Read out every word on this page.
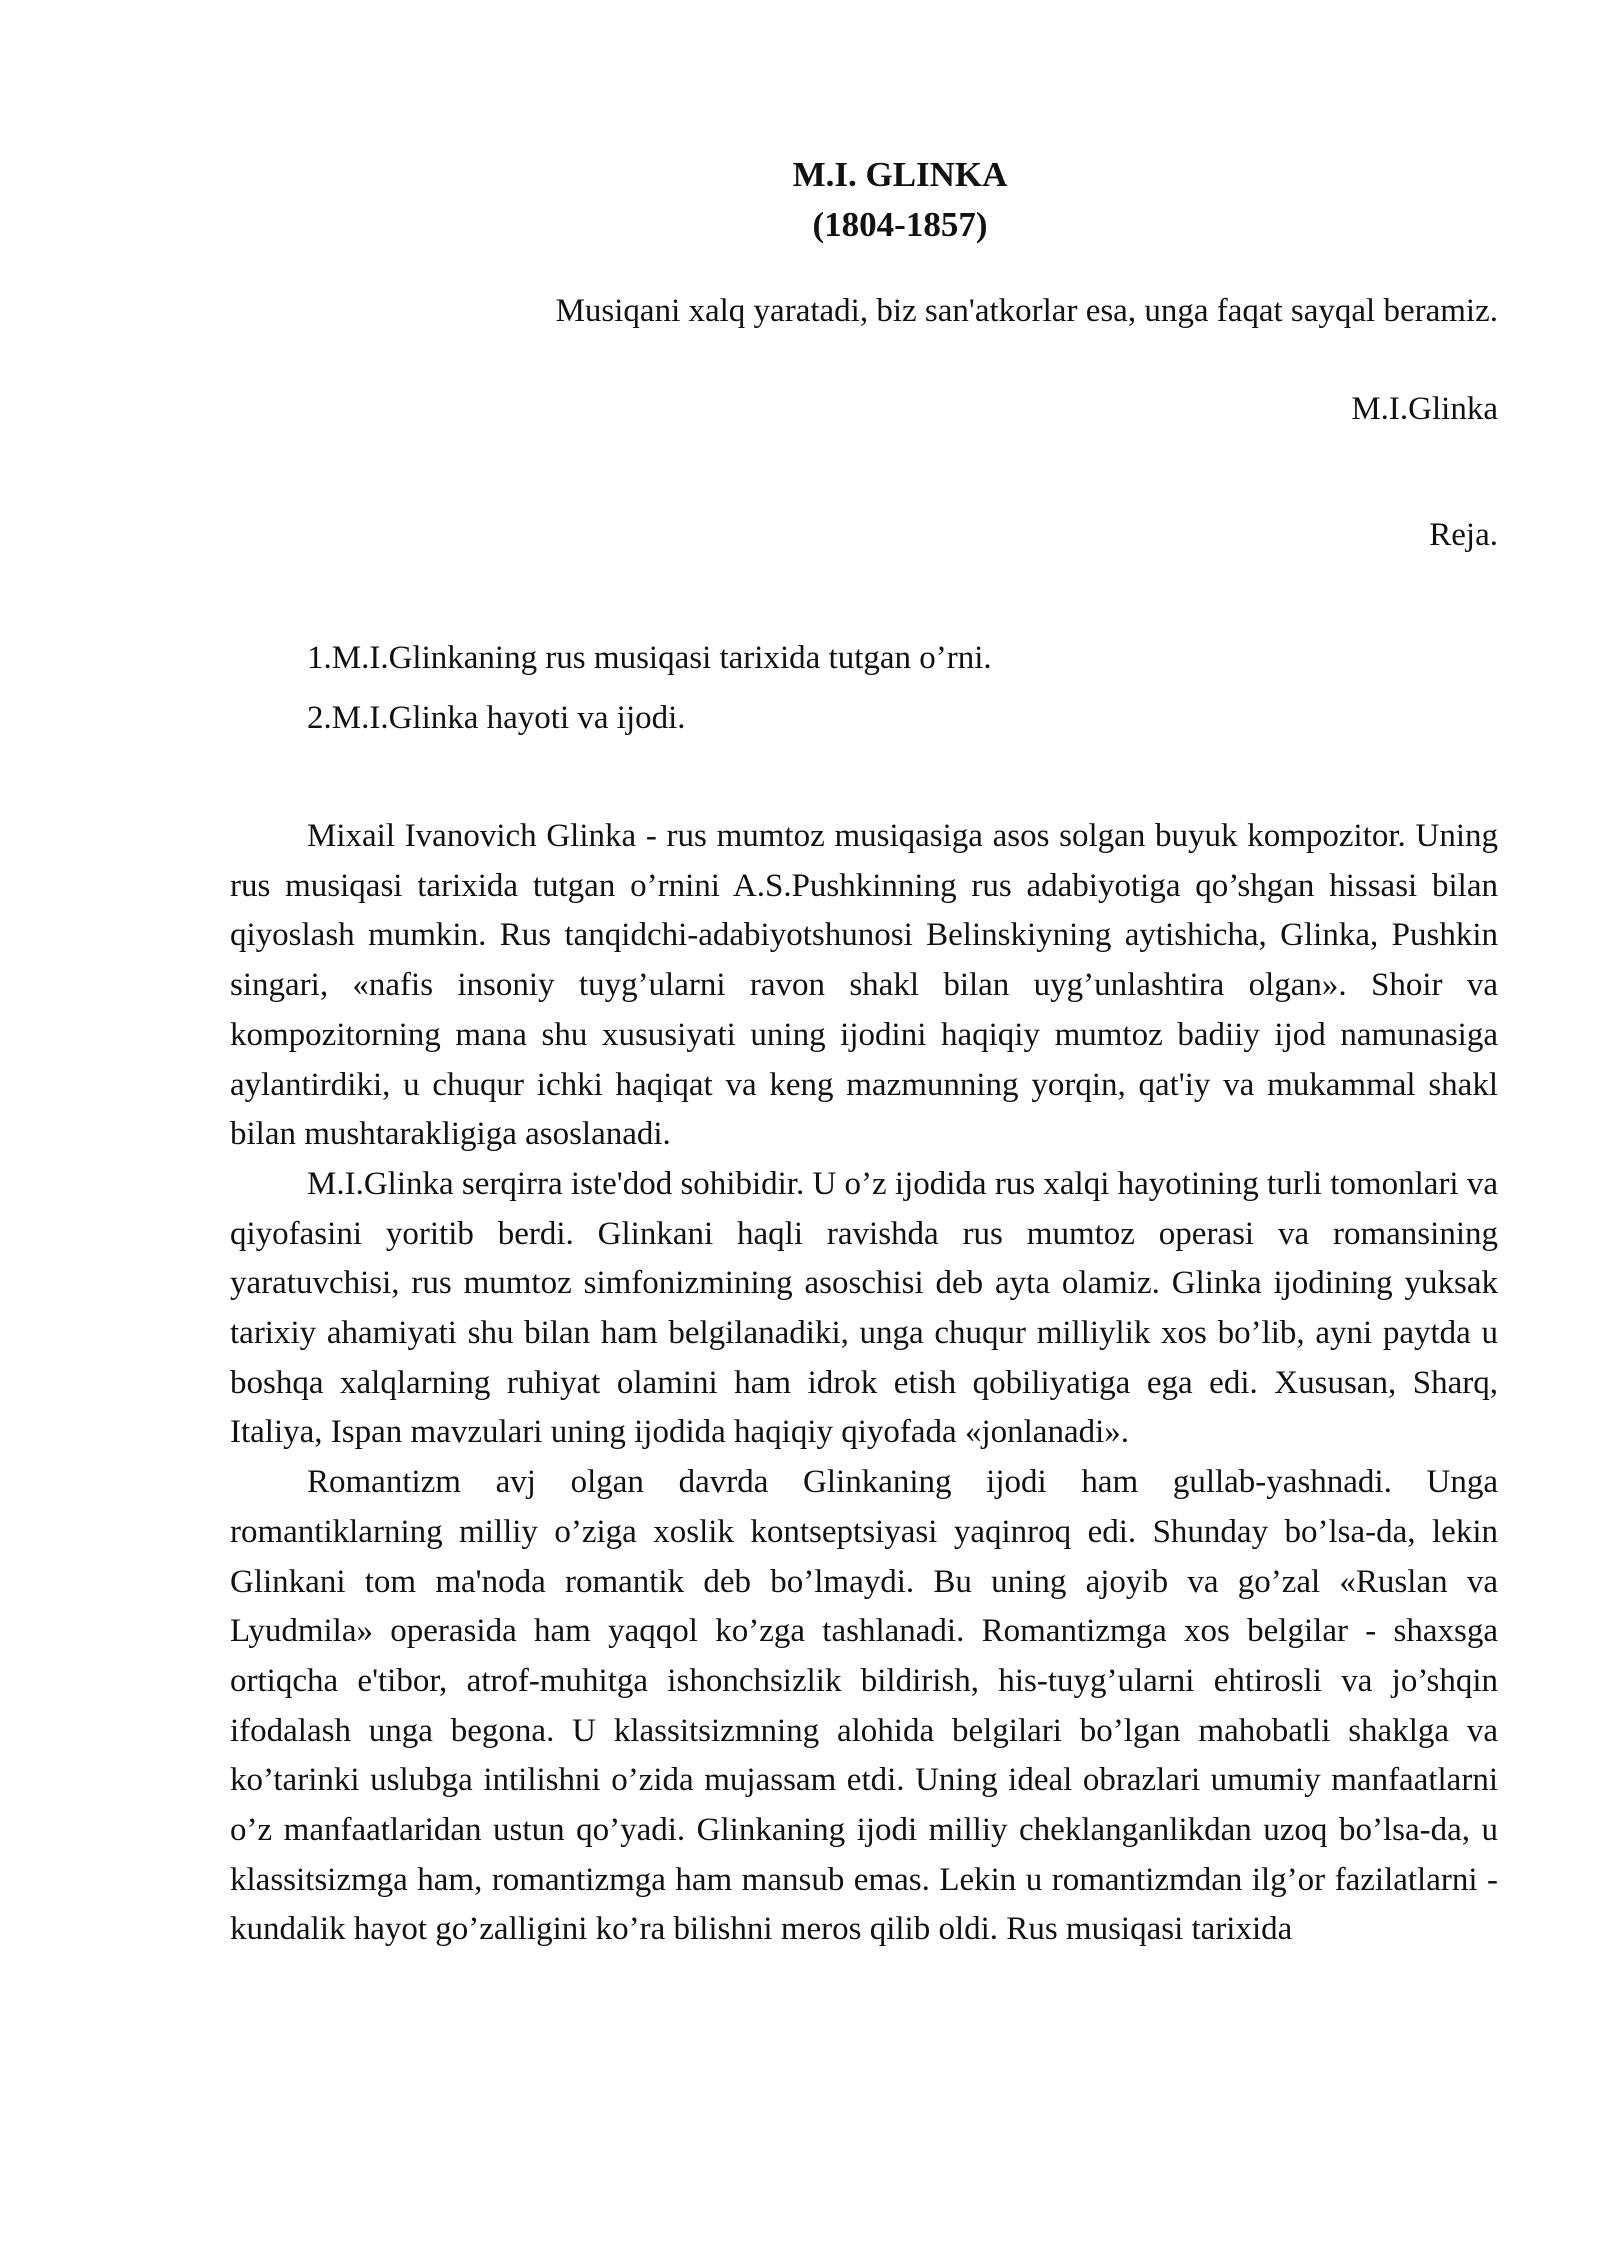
M.I. GLINKA
(1804-1857)

Musiqani xalq yaratadi, biz san'atkorlar esa, unga faqat sayqal beramiz.

M.I.Glinka

Reja.

1.M.I.Glinkaning rus musiqasi tarixida tutgan o’rni.
2.M.I.Glinka hayoti va ijodi.

Mixail Ivanovich Glinka - rus mumtoz musiqasiga asos solgan buyuk kompozitor. Uning rus musiqasi tarixida tutgan o’rnini A.S.Pushkinning rus adabiyotiga qo’shgan hissasi bilan qiyoslash mumkin. Rus tanqidchi-adabiyotshunosi Belinskiyning aytishicha, Glinka, Pushkin singari, «nafis insoniy tuyg’ularni ravon shakl bilan uyg’unlashtira olgan». Shoir va kompozitorning mana shu xususiyati uning ijodini haqiqiy mumtoz badiiy ijod namunasiga aylantirdiki, u chuqur ichki haqiqat va keng mazmunning yorqin, qat'iy va mukammal shakl bilan mushtarakligiga asoslanadi.

M.I.Glinka serqirra iste'dod sohibidir. U o’z ijodida rus xalqi hayotining turli tomonlari va qiyofasini yoritib berdi. Glinkani haqli ravishda rus mumtoz operasi va romansining yaratuvchisi, rus mumtoz simfonizmining asoschisi deb ayta olamiz. Glinka ijodining yuksak tarixiy ahamiyati shu bilan ham belgilanadiki, unga chuqur milliylik xos bo’lib, ayni paytda u boshqa xalqlarning ruhiyat olamini ham idrok etish qobiliyatiga ega edi. Xususan, Sharq, Italiya, Ispan mavzulari uning ijodida haqiqiy qiyofada «jonlanadi».

Romantizm avj olgan davrda Glinkaning ijodi ham gullab-yashnadi. Unga romantiklarning milliy o’ziga xoslik kontseptsiyasi yaqinroq edi. Shunday bo’lsa-da, lekin Glinkani tom ma'noda romantik deb bo’lmaydi. Bu uning ajoyib va go’zal «Ruslan va Lyudmila» operasida ham yaqqol ko’zga tashlanadi. Romantizmga xos belgilar - shaxsga ortiqcha e'tibor, atrof-muhitga ishonchsizlik bildirish, his-tuyg’ularni ehtirosli va jo’shqin ifodalash unga begona. U klassitsizmning alohida belgilari bo’lgan mahobatli shaklga va ko’tarinki uslubga intilishni o’zida mujassam etdi. Uning ideal obrazlari umumiy manfaatlarni o’z manfaatlaridan ustun qo’yadi. Glinkaning ijodi milliy cheklanganlikdan uzoq bo’lsa-da, u klassitsizmga ham, romantizmga ham mansub emas. Lekin u romantizmdan ilg’or fazilatlarni - kundalik hayot go’zalligini ko’ra bilishni meros qilib oldi. Rus musiqasi tarixida
